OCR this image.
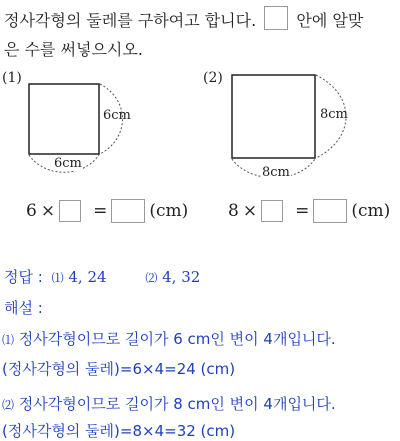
정사각형의 둘레를 구하여고 합니다.	안에 알맞
은 수를 써넣으시오.
(1)	(2)
6cm
6cm
8cm
8cm
6 × = (cm) 8 × = (cm)
정답 : ⑴ 4, 24	⑵ 4, 32
해설 :
⑴ 정사각형이므로 길이가 6 cm인 변이 4개입니다.
(정사각형의 둘레)=6×4=24 (cm)
⑵ 정사각형이므로 길이가 8 cm인 변이 4개입니다.
(정사각형의 둘레)=8×4=32 (cm)
